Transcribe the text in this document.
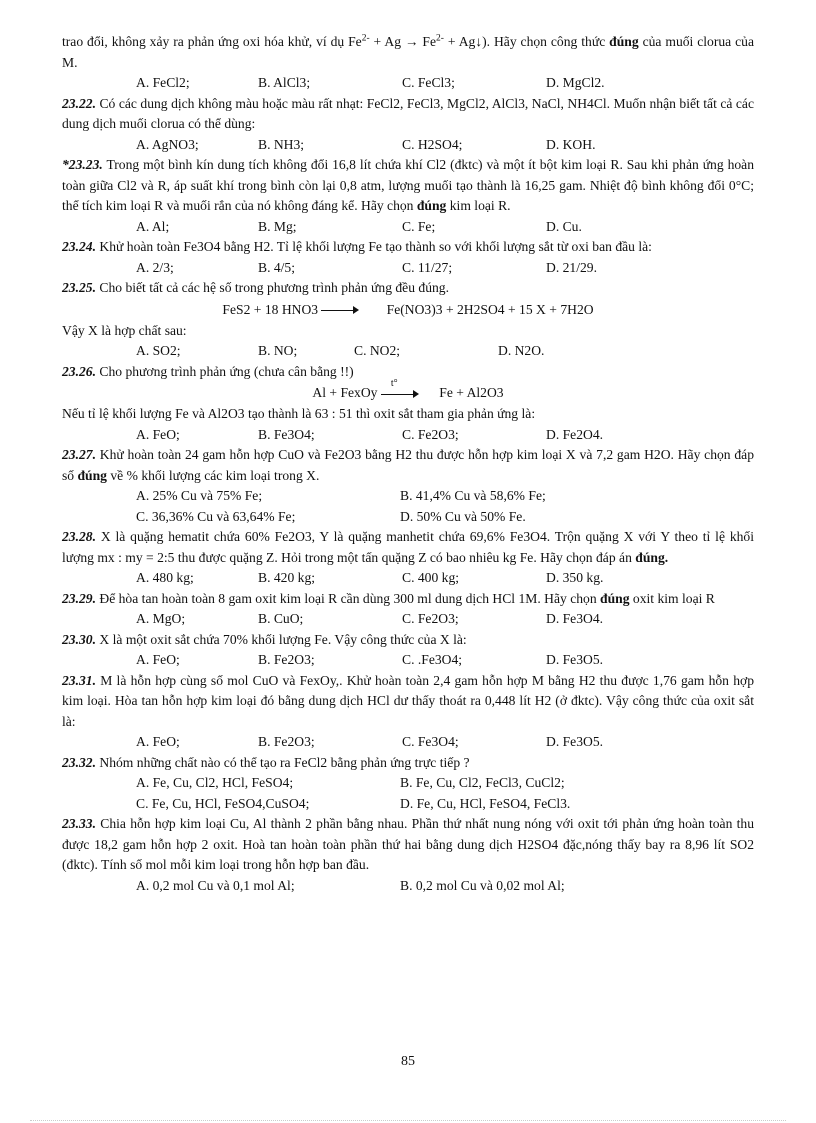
trao đổi, không xảy ra phản ứng oxi hóa khử, ví dụ $Fe^{2-} + Ag \to Fe^{2-}$ + Ag↓). Hãy chọn công thức đúng của muối clorua của M.
A. FeCl2;	B. AlCl3;	C. FeCl3;	D. MgCl2.
23.22. Có các dung dịch không màu hoặc màu rất nhạt: FeCl2, FeCl3, MgCl2, AlCl3, NaCl, NH4Cl. Muốn nhận biết tất cả các dung dịch muối clorua có thể dùng:
A. AgNO3;	B. NH3;	C. H2SO4;	D. KOH.
*23.23. Trong một bình kín dung tích không đổi 16,8 lít chứa khí Cl2 (đktc) và một ít bột kim loại R. Sau khi phản ứng hoàn toàn giữa Cl2 và R, áp suất khí trong bình còn lại 0,8 atm, lượng muối tạo thành là 16,25 gam. Nhiệt độ bình không đổi 0°C; thể tích kim loại R và muối rắn của nó không đáng kể. Hãy chọn đúng kim loại R.
A. Al;	B. Mg;	C. Fe;	D. Cu.
23.24. Khử hoàn toàn Fe3O4 bằng H2. Tỉ lệ khối lượng Fe tạo thành so với khối lượng sắt từ oxi ban đầu là:
A. 2/3;	B. 4/5;	C. 11/27;	D. 21/29.
23.25. Cho biết tất cả các hệ số trong phương trình phản ứng đều đúng.
FeS2 + 18 HNO3	Fe(NO3)3 + 2H2SO4 + 15 X + 7H2O
Vậy X là hợp chất sau:
A. SO2;	B. NO;	C. NO2;	D. N2O.
23.26. Cho phương trình phản ứng (chưa cân bằng !!)
Al + FexOy
t°
Fe + Al2O3
Nếu tỉ lệ khối lượng Fe và Al2O3 tạo thành là 63 : 51 thì oxit sắt tham gia phản ứng là:
A. FeO;	B. Fe3O4;	C. Fe2O3;	D. Fe2O4.
23.27. Khử hoàn toàn 24 gam hỗn hợp CuO và Fe2O3 bằng H2 thu được hỗn hợp kim loại X và 7,2 gam H2O. Hãy chọn đáp số đúng về % khối lượng các kim loại trong X.
A. 25% Cu và 75% Fe;	B. 41,4% Cu và 58,6% Fe;
C. 36,36% Cu và 63,64% Fe;	D. 50% Cu và 50% Fe.
23.28. X là quặng hematit chứa 60% Fe2O3, Y là quặng manhetit chứa 69,6% Fe3O4. Trộn quặng X với Y theo tỉ lệ khối lượng mx : my = 2:5 thu được quặng Z. Hỏi trong một tấn quặng Z có bao nhiêu kg Fe. Hãy chọn đáp án đúng.
A. 480 kg;	B. 420 kg;	C. 400 kg;	D. 350 kg.
23.29. Để hòa tan hoàn toàn 8 gam oxit kim loại R cần dùng 300 ml dung dịch HCl 1M. Hãy chọn đúng oxit kim loại R
A. MgO;	B. CuO;	C. Fe2O3;	D. Fe3O4.
23.30. X là một oxit sắt chứa 70% khối lượng Fe. Vậy công thức của X là:
A. FeO;	B. Fe2O3;	C. .Fe3O4;	D. Fe3O5.
23.31. M là hỗn hợp cùng số mol CuO và FexOy,. Khử hoàn toàn 2,4 gam hỗn hợp M bằng H2 thu được 1,76 gam hỗn hợp kim loại. Hòa tan hỗn hợp kim loại đó bằng dung dịch HCl dư thấy thoát ra 0,448 lít H2 (ở đktc). Vậy công thức của oxit sắt là:
A. FeO;	B. Fe2O3;	C. Fe3O4;	D. Fe3O5.
23.32. Nhóm những chất nào có thể tạo ra FeCl2 bằng phản ứng trực tiếp ?
A. Fe, Cu, Cl2, HCl, FeSO4;	B. Fe, Cu, Cl2, FeCl3, CuCl2;
C. Fe, Cu, HCl, FeSO4,CuSO4;	D. Fe, Cu, HCl, FeSO4, FeCl3.
23.33. Chia hỗn hợp kim loại Cu, Al thành 2 phần bằng nhau. Phần thứ nhất nung nóng với oxit tới phản ứng hoàn toàn thu được 18,2 gam hỗn hợp 2 oxit. Hoà tan hoàn toàn phần thứ hai bằng dung dịch H2SO4 đặc,nóng thấy bay ra 8,96 lít SO2 (đktc). Tính số mol mỗi kim loại trong hỗn hợp ban đầu.
A. 0,2 mol Cu và 0,1 mol Al;	B. 0,2 mol Cu và 0,02 mol Al;
85
